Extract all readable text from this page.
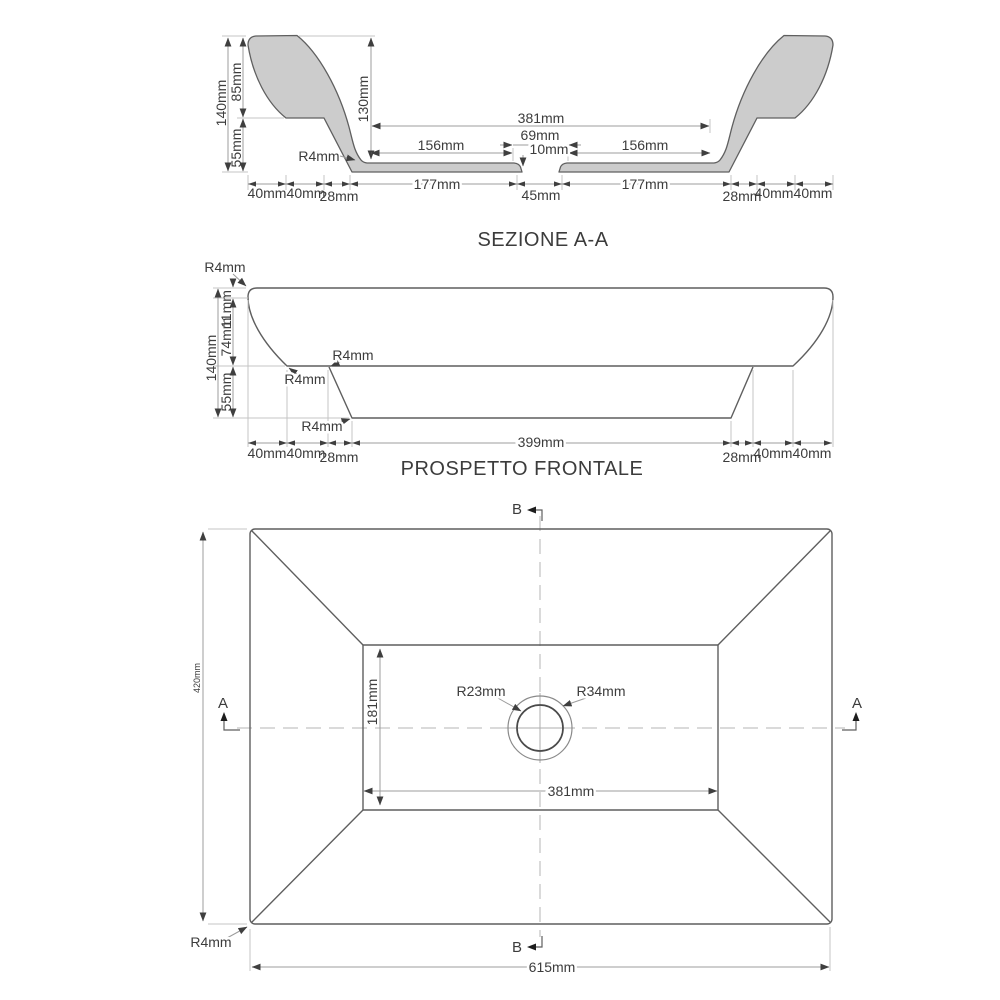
140mm 85mm
55mm
130mm
R4mm
381mm
69mm
10mm
156mm	156mm
177mm	177mm
40mm 40mm
28mm	45mm	28mm
40mm 40mm
SEZIONE A-A
140mm
11mm
74mm
55mm
R4mm
R4mm
R4mm
R4mm
399mm
40mm 40mm
28mm	28mm
40mm 40mm
PROSPETTO FRONTALE
420mm
181mm	R23mm	R34mm
381mm
615mm
R4mm
B
B
A	A
